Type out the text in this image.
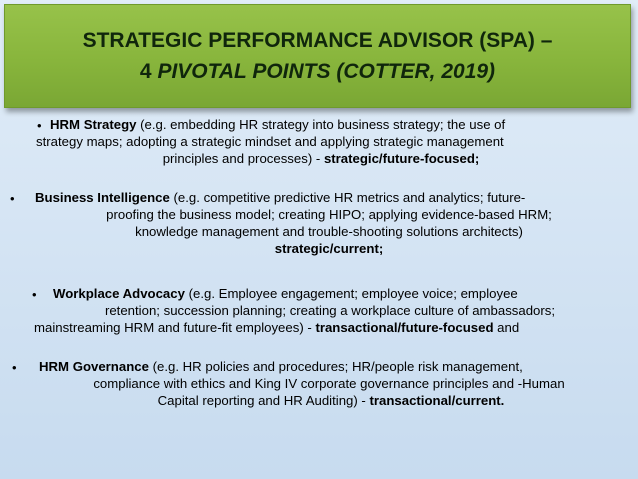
STRATEGIC PERFORMANCE ADVISOR (SPA) –
4 PIVOTAL POINTS (COTTER, 2019)
• HRM Strategy (e.g. embedding HR strategy into business strategy; the use of
strategy maps; adopting a strategic mindset and applying strategic management
principles and processes) - strategic/future-focused;
•	Business Intelligence (e.g. competitive predictive HR metrics and analytics; future-
proofing the business model; creating HIPO; applying evidence-based HRM;
knowledge management and trouble-shooting solutions architects)
strategic/current;
•	Workplace Advocacy (e.g. Employee engagement; employee voice; employee
retention; succession planning; creating a workplace culture of ambassadors;
mainstreaming HRM and future-fit employees) - transactional/future-focused and
•	HRM Governance (e.g. HR policies and procedures; HR/people risk management,
compliance with ethics and King IV corporate governance principles and -Human
Capital reporting and HR Auditing) - transactional/current.
